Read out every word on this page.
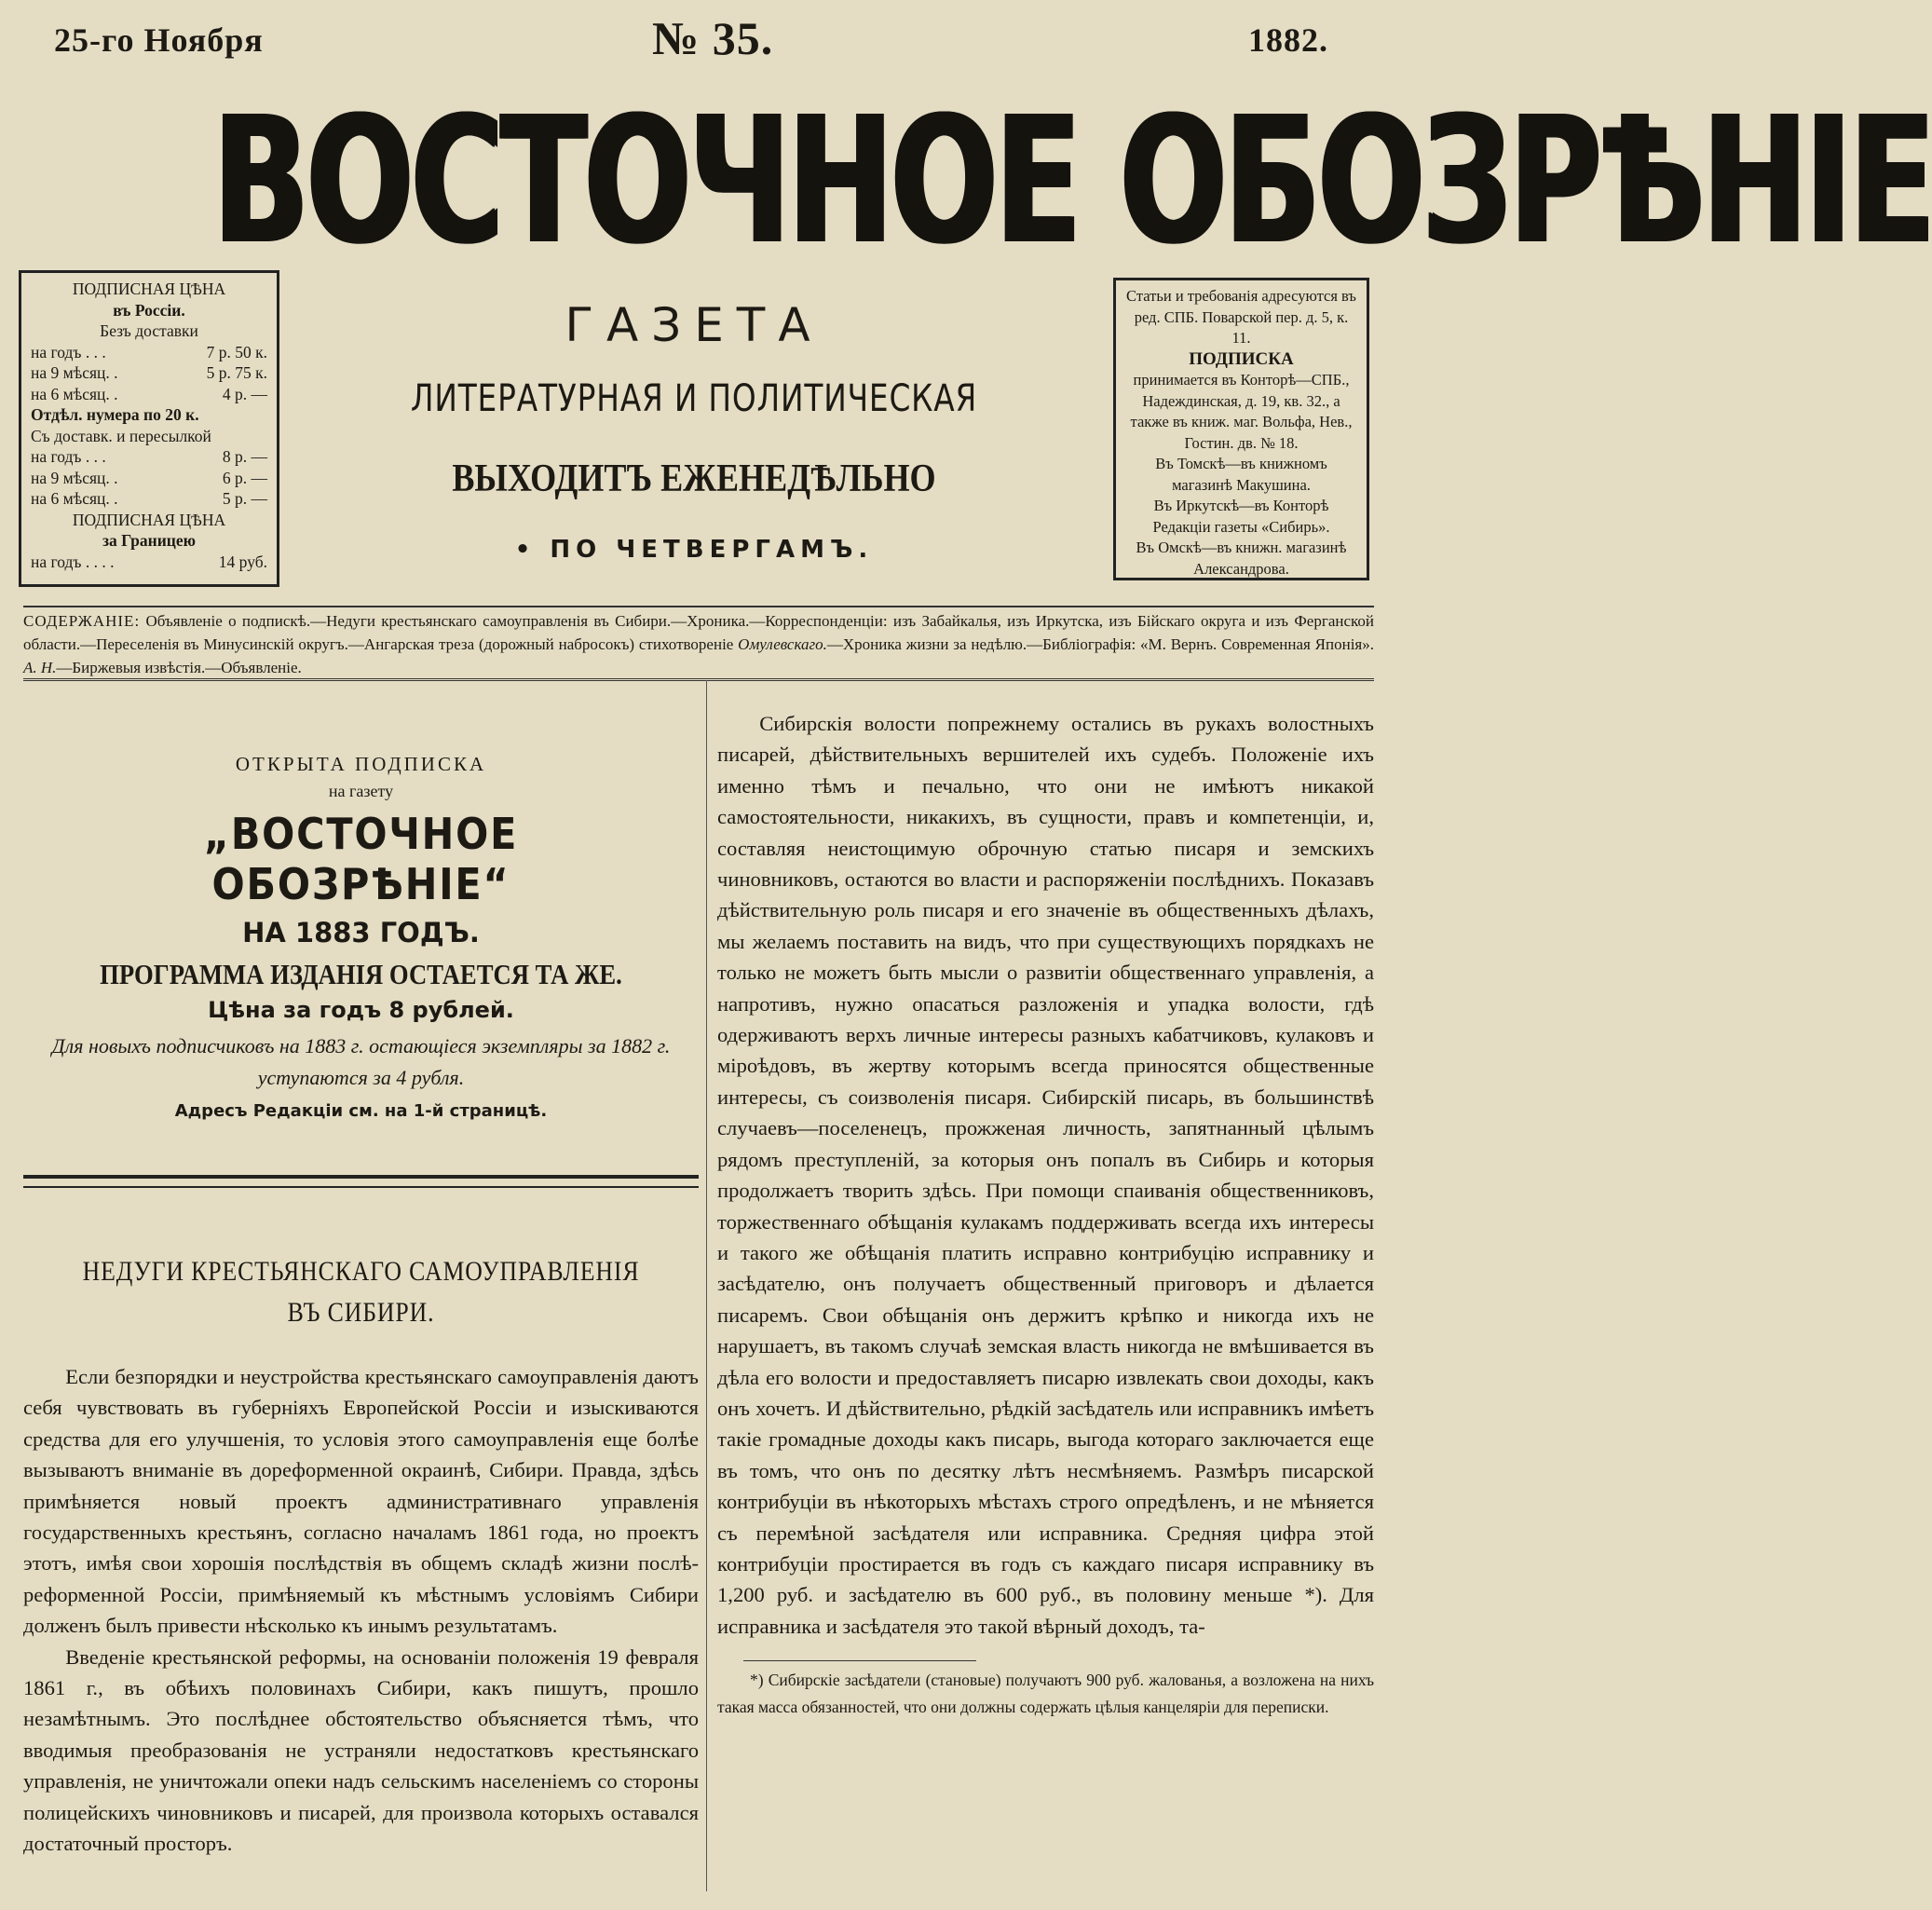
25-го Ноября	№ 35.	1882.
ВОСТОЧНОЕ ОБОЗРѢНІЕ
ПОДПИСНАЯ ЦѢНА
въ Россіи.
Безъ доставки
на годъ . . .	7 р. 50 к.
на 9 мѣсяц. .	5 р. 75 к.
на 6 мѣсяц. .	4 р. —
Отдѣл. нумера по 20 к.
Съ доставк. и пересылкой
на годъ . . .	8 р. —
на 9 мѣсяц. .	6 р. —
на 6 мѣсяц. .	5 р. —
ПОДПИСНАЯ ЦѢНА
за Границею
на годъ . . . .	14 руб.
ГАЗЕТА
ЛИТЕРАТУРНАЯ И ПОЛИТИЧЕСКАЯ
ВЫХОДИТЪ ЕЖЕНЕДѢЛЬНО
• ПО ЧЕТВЕРГАМЪ.
Статьи и требованія адресуются въ ред. СПБ. Поварской пер. д. 5, к. 11.
ПОДПИСКА
принимается въ Конторѣ—СПБ., Надеждинская, д. 19, кв. 32., а также въ книж. маг. Вольфа, Нев., Гостин. дв. № 18.
Въ Томскѣ—въ книжномъ магазинѣ Макушина.
Въ Иркутскѣ—въ Конторѣ Редакціи газеты «Сибирь».
Въ Омскѣ—въ книжн. магазинѣ Александрова.
СОДЕРЖАНІЕ: Объявленіе о подпискѣ.—Недуги крестьянскаго самоуправленія въ Сибири.—Хроника.—Корреспонденціи: изъ Забайкалья, изъ Иркутска, изъ Бійскаго округа и изъ Ферганской области.—Переселенія въ Минусинскій округъ.—Ангарская треза (дорожный набросокъ) стихотвореніе Омулевскаго.—Хроника жизни за недѣлю.—Библіографія: «М. Вернъ. Современная Японія». А. Н.—Биржевыя извѣстія.—Объявленіе.
ОТКРЫТА ПОДПИСКА
на газету
„ВОСТОЧНОЕ ОБОЗРѢНІЕ“
НА 1883 ГОДЪ.
ПРОГРАММА ИЗДАНІЯ ОСТАЕТСЯ ТА ЖЕ.
Цѣна за годъ 8 рублей.
Для новыхъ подписчиковъ на 1883 г. остающіеся экземпляры за 1882 г. уступаются за 4 рубля.
Адресъ Редакціи см. на 1-й страницѣ.
НЕДУГИ КРЕСТЬЯНСКАГО САМОУПРАВЛЕНІЯ
ВЪ СИБИРИ.

Если безпорядки и неустройства крестьянскаго самоуправленія даютъ себя чувствовать въ губерніяхъ Европейской Россіи и изыскиваются средства для его улучшенія, то условія этого самоуправленія еще болѣе вызываютъ вниманіе въ дореформенной окраинѣ, Сибири. Правда, здѣсь примѣняется новый проектъ административнаго управленія государственныхъ крестьянъ, согласно началамъ 1861 года, но проектъ этотъ, имѣя свои хорошія послѣдствія въ общемъ складѣ жизни послѣ-реформенной Россіи, примѣняемый къ мѣстнымъ условіямъ Сибири долженъ былъ привести нѣсколько къ инымъ результатамъ.

Введеніе крестьянской реформы, на основаніи положенія 19 февраля 1861 г., въ обѣихъ половинахъ Сибири, какъ пишутъ, прошло незамѣтнымъ. Это послѣднее обстоятельство объясняется тѣмъ, что вводимыя преобразованія не устраняли недостатковъ крестьянскаго управленія, не уничтожали опеки надъ сельскимъ населеніемъ со стороны полицейскихъ чиновниковъ и писарей, для произвола которыхъ оставался достаточный просторъ.

Сибирскія волости попрежнему остались въ рукахъ волостныхъ писарей, дѣйствительныхъ вершителей ихъ судебъ. Положеніе ихъ именно тѣмъ и печально, что они не имѣютъ никакой самостоятельности, никакихъ, въ сущности, правъ и компетенціи, и, составляя неистощимую оброчную статью писаря и земскихъ чиновниковъ, остаются во власти и распоряженіи послѣднихъ. Показавъ дѣйствительную роль писаря и его значеніе въ общественныхъ дѣлахъ, мы желаемъ поставить на видъ, что при существующихъ порядкахъ не только не можетъ быть мысли о развитіи общественнаго управленія, а напротивъ, нужно опасаться разложенія и упадка волости, гдѣ одерживаютъ верхъ личные интересы разныхъ кабатчиковъ, кулаковъ и міроѣдовъ, въ жертву которымъ всегда приносятся общественные интересы, съ соизволенія писаря. Сибирскій писарь, въ большинствѣ случаевъ—поселенецъ, прожженая личность, запятнанный цѣлымъ рядомъ преступленій, за которыя онъ попалъ въ Сибирь и которыя продолжаетъ творить здѣсь. При помощи спаиванія общественниковъ, торжественнаго обѣщанія кулакамъ поддерживать всегда ихъ интересы и такого же обѣщанія платить исправно контрибуцію исправнику и засѣдателю, онъ получаетъ общественный приговоръ и дѣлается писаремъ. Свои обѣщанія онъ держитъ крѣпко и никогда ихъ не нарушаетъ, въ такомъ случаѣ земская власть никогда не вмѣшивается въ дѣла его волости и предоставляетъ писарю извлекать свои доходы, какъ онъ хочетъ. И дѣйствительно, рѣдкій засѣдатель или исправникъ имѣетъ такіе громадные доходы какъ писарь, выгода котораго заключается еще въ томъ, что онъ по десятку лѣтъ несмѣняемъ. Размѣръ писарской контрибуціи въ нѣкоторыхъ мѣстахъ строго опредѣленъ, и не мѣняется съ перемѣной засѣдателя или исправника. Средняя цифра этой контрибуціи простирается въ годъ съ каждаго писаря исправнику въ 1,200 руб. и засѣдателю въ 600 руб., въ половину меньше *). Для исправника и засѣдателя это такой вѣрный доходъ, та-

*) Сибирскіе засѣдатели (становые) получаютъ 900 руб. жалованья, а возложена на нихъ такая масса обязанностей, что они должны содержать цѣлыя канцеляріи для переписки.
